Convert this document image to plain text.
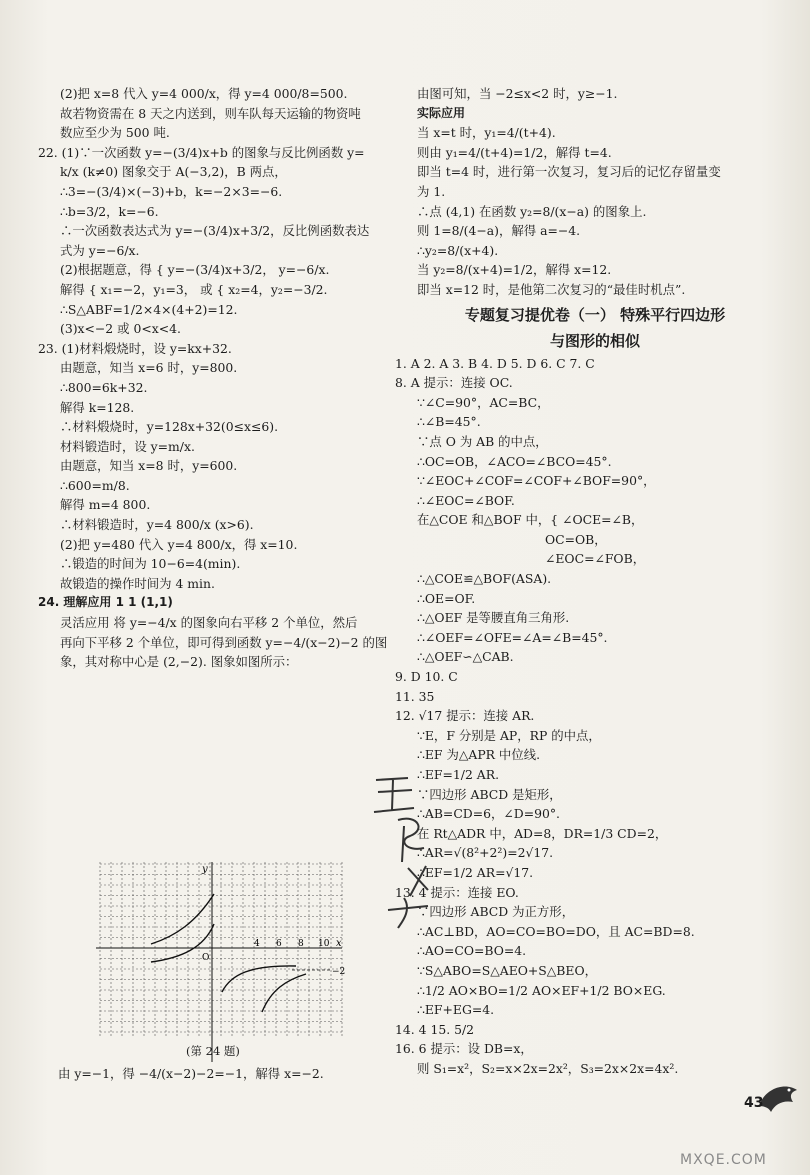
(2)把 x=8 代入 y=4 000/x，得 y=4 000/8=500.
故若物资需在 8 天之内送到，则车队每天运输的物资吨
数应至少为 500 吨.
22. (1)∵一次函数 y=−(3/4)x+b 的图象与反比例函数 y=
k/x (k≠0) 图象交于 A(−3,2)，B 两点，
∴3=−(3/4)×(−3)+b，k=−2×3=−6.
∴b=3/2，k=−6.
∴一次函数表达式为 y=−(3/4)x+3/2，反比例函数表达
式为 y=−6/x.
(2)根据题意，得 { y=−(3/4)x+3/2， y=−6/x.
解得 { x₁=−2，y₁=3， 或 { x₂=4，y₂=−3/2.
∴S△ABF=1/2×4×(4+2)=12.
(3)x<−2 或 0<x<4.
23. (1)材料煅烧时，设 y=kx+32.
由题意，知当 x=6 时，y=800.
∴800=6k+32.
解得 k=128.
∴材料煅烧时，y=128x+32(0≤x≤6).
材料锻造时，设 y=m/x.
由题意，知当 x=8 时，y=600.
∴600=m/8.
解得 m=4 800.
∴材料锻造时，y=4 800/x (x>6).
(2)把 y=480 代入 y=4 800/x，得 x=10.
∴锻造的时间为 10−6=4(min).
故锻造的操作时间为 4 min.
24. 理解应用 1 1 (1,1)
灵活应用 将 y=−4/x 的图象向右平移 2 个单位，然后
再向下平移 2 个单位，即可得到函数 y=−4/(x−2)−2 的图
象，其对称中心是 (2,−2). 图象如图所示：
由图可知，当 −2≤x<2 时，y≥−1.
实际应用
当 x=t 时，y₁=4/(t+4).
则由 y₁=4/(t+4)=1/2，解得 t=4.
即当 t=4 时，进行第一次复习，复习后的记忆存留量变
为 1.
∴点 (4,1) 在函数 y₂=8/(x−a) 的图象上.
则 1=8/(4−a)，解得 a=−4.
∴y₂=8/(x+4).
当 y₂=8/(x+4)=1/2，解得 x=12.
即当 x=12 时，是他第二次复习的“最佳时机点”.
专题复习提优卷（一） 特殊平行四边形
与图形的相似
1. A 2. A 3. B 4. D 5. D 6. C 7. C
8. A 提示：连接 OC.
∵∠C=90°，AC=BC，
∴∠B=45°.
∵点 O 为 AB 的中点，
∴OC=OB，∠ACO=∠BCO=45°.
∵∠EOC+∠COF=∠COF+∠BOF=90°，
∴∠EOC=∠BOF.
在△COE 和△BOF 中，{ ∠OCE=∠B，
OC=OB，
∠EOC=∠FOB，
∴△COE≌△BOF(ASA).
∴OE=OF.
∴△OEF 是等腰直角三角形.
∴∠OEF=∠OFE=∠A=∠B=45°.
∴△OEF∽△CAB.
9. D 10. C
11. 35
12. √17 提示：连接 AR.
∵E，F 分别是 AP，RP 的中点，
∴EF 为△APR 中位线.
∴EF=1/2 AR.
∵四边形 ABCD 是矩形，
∴AB=CD=6，∠D=90°.
在 Rt△ADR 中，AD=8，DR=1/3 CD=2，
∴AR=√(8²+2²)=2√17.
∴EF=1/2 AR=√17.
13. 4 提示：连接 EO.
∵四边形 ABCD 为正方形，
∴AC⊥BD，AO=CO=BO=DO，且 AC=BD=8.
∴AO=CO=BO=4.
∵S△ABO=S△AEO+S△BEO，
∴1/2 AO×BO=1/2 AO×EF+1/2 BO×EG.
∴EF+EG=4.
14. 4 15. 5/2
16. 6 提示：设 DB=x，
则 S₁=x²，S₂=x×2x=2x²，S₃=2x×2x=4x².
y
x
O
4 6 8 10
−2
(第 24 题)
由 y=−1，得 −4/(x−2)−2=−1，解得 x=−2.
43
MXQE.COM
